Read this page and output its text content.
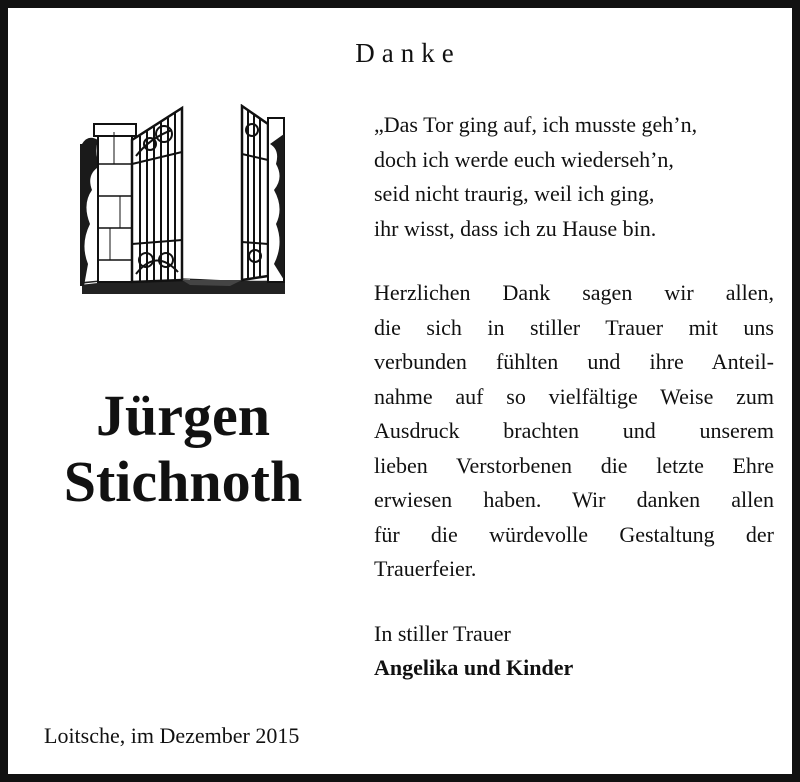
Danke
Jürgen
Stichnoth

„Das Tor ging auf, ich musste geh’n,

doch ich werde euch wiederseh’n,

seid nicht traurig, weil ich ging,

ihr wisst, dass ich zu Hause bin.

Herzlichen Dank sagen wir allen,

die sich in stiller Trauer mit uns

verbunden fühlten und ihre Anteil-

nahme auf so vielfältige Weise zum

Ausdruck brachten und unserem

lieben Verstorbenen die letzte Ehre

erwiesen haben. Wir danken allen

für die würdevolle Gestaltung der

Trauerfeier.

In stiller Trauer

Angelika und Kinder

Loitsche, im Dezember 2015
